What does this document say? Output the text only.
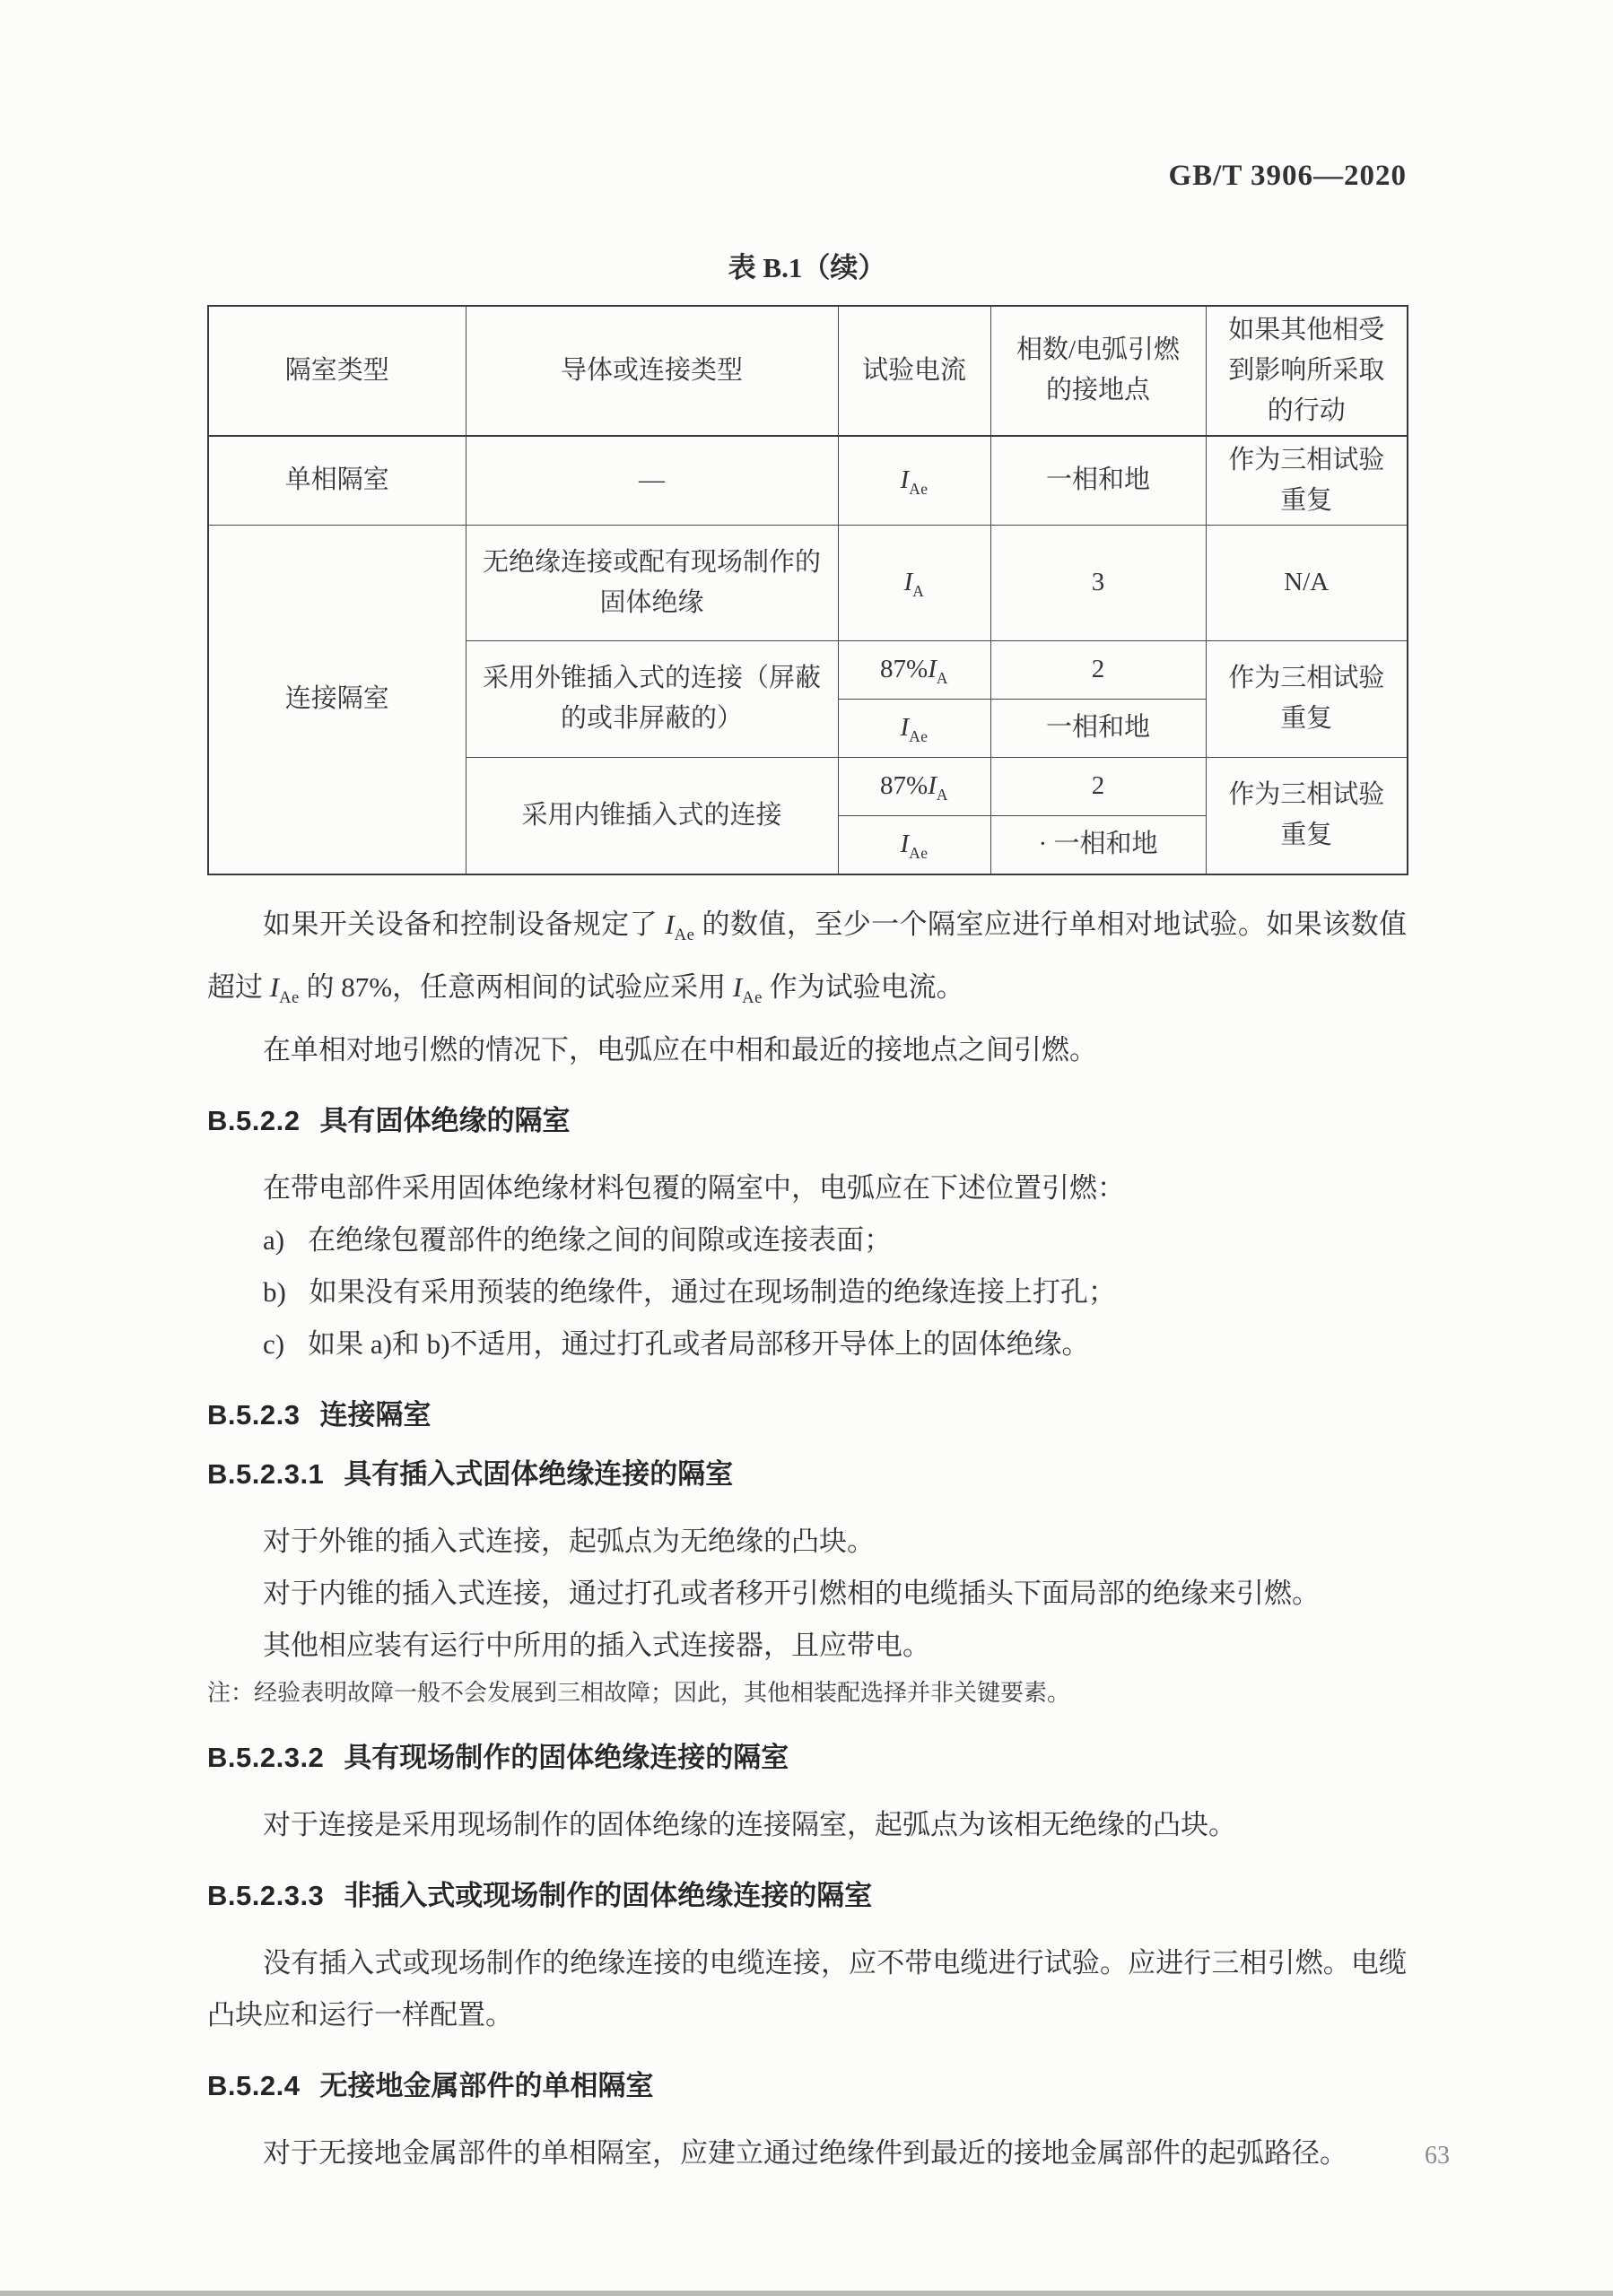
GB/T 3906—2020
表 B.1（续）
隔室类型	导体或连接类型	试验电流	相数/电弧引燃的接地点	如果其他相受到影响所采取的行动
单相隔室	—	$I_{Ae}$	一相和地	作为三相试验重复
连接隔室	无绝缘连接或配有现场制作的固体绝缘	$I_A$	3	N/A
	采用外锥插入式的连接（屏蔽的或非屏蔽的）	$87\%I_A$	2	作为三相试验重复
		$I_{Ae}$	一相和地	
	采用内锥插入式的连接	$87\%I_A$	2	作为三相试验重复
		$I_{Ae}$	· 一相和地	

如果开关设备和控制设备规定了 $I_{Ae}$ 的数值，至少一个隔室应进行单相对地试验。如果该数值超过 $I_{Ae}$ 的 87%，任意两相间的试验应采用 $I_{Ae}$ 作为试验电流。

在单相对地引燃的情况下，电弧应在中相和最近的接地点之间引燃。

B.5.2.2 具有固体绝缘的隔室

在带电部件采用固体绝缘材料包覆的隔室中，电弧应在下述位置引燃：

a) 在绝缘包覆部件的绝缘之间的间隙或连接表面；

b) 如果没有采用预装的绝缘件，通过在现场制造的绝缘连接上打孔；

c) 如果 a)和 b)不适用，通过打孔或者局部移开导体上的固体绝缘。

B.5.2.3 连接隔室
B.5.2.3.1 具有插入式固体绝缘连接的隔室

对于外锥的插入式连接，起弧点为无绝缘的凸块。

对于内锥的插入式连接，通过打孔或者移开引燃相的电缆插头下面局部的绝缘来引燃。

其他相应装有运行中所用的插入式连接器，且应带电。

注：经验表明故障一般不会发展到三相故障；因此，其他相装配选择并非关键要素。

B.5.2.3.2 具有现场制作的固体绝缘连接的隔室

对于连接是采用现场制作的固体绝缘的连接隔室，起弧点为该相无绝缘的凸块。

B.5.2.3.3 非插入式或现场制作的固体绝缘连接的隔室

没有插入式或现场制作的绝缘连接的电缆连接，应不带电缆进行试验。应进行三相引燃。电缆凸块应和运行一样配置。

B.5.2.4 无接地金属部件的单相隔室

对于无接地金属部件的单相隔室，应建立通过绝缘件到最近的接地金属部件的起弧路径。	63
